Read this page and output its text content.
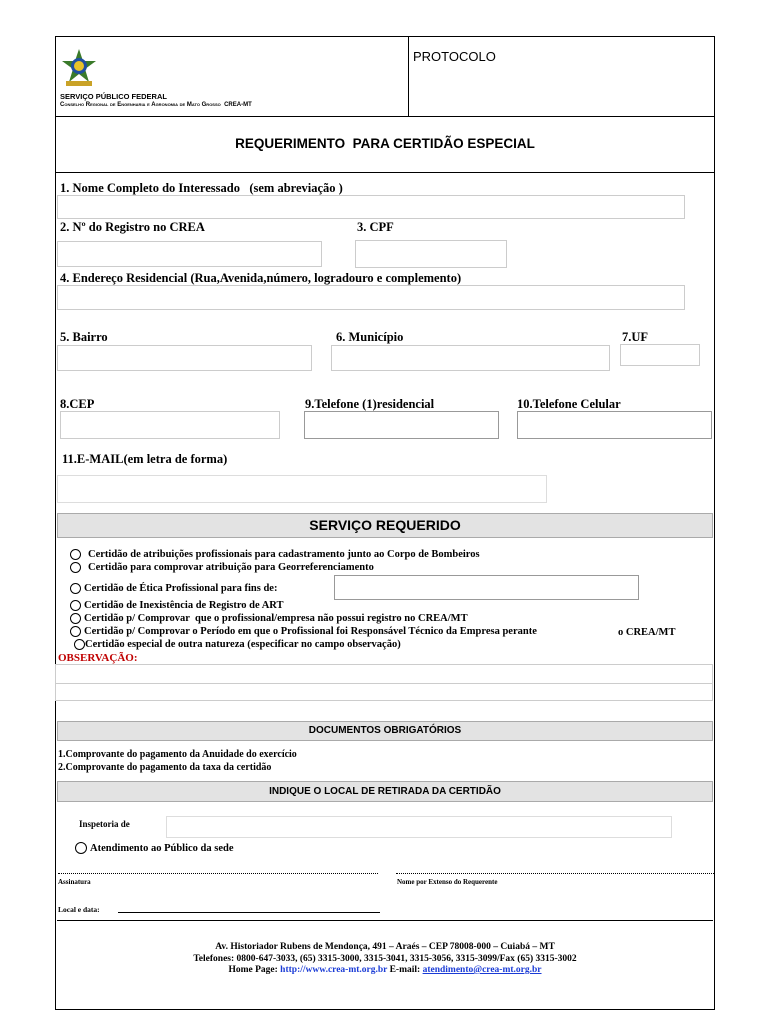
SERVIÇO PÚBLICO FEDERAL
Conselho Regional de Engenharia e Agronomia de Mato Grosso CREA-MT
PROTOCOLO
REQUERIMENTO  PARA CERTIDÃO ESPECIAL
1. Nome Completo do Interessado   (sem abreviação )
2. Nº do Registro no CREA	3. CPF
4. Endereço Residencial (Rua,Avenida,número, logradouro e complemento)
5. Bairro	6. Município	7.UF
8.CEP	9.Telefone (1)residencial	10.Telefone Celular
11.E-MAIL(em letra de forma)
SERVIÇO REQUERIDO
Certidão de atribuições profissionais para cadastramento junto ao Corpo de Bombeiros
Certidão para comprovar atribuição para Georreferenciamento
Certidão de Ética Profissional para fins de:
Certidão de Inexistência de Registro de ART
Certidão p/ Comprovar  que o profissional/empresa não possui registro no CREA/MT
Certidão p/ Comprovar o Período em que o Profissional foi Responsável Técnico da Empresa perante	o CREA/MT
Certidão especial de outra natureza (especificar no campo observação)
OBSERVAÇÃO:
DOCUMENTOS OBRIGATÓRIOS
1.Comprovante do pagamento da Anuidade do exercício
2.Comprovante do pagamento da taxa da certidão
INDIQUE O LOCAL DE RETIRADA DA CERTIDÃO
Inspetoria de
Atendimento ao Público da sede
Assinatura	Nome por Extenso do Requerente
Local e data:
Av. Historiador Rubens de Mendonça, 491 – Araés – CEP 78008-000 – Cuiabá – MT
Telefones: 0800-647-3033, (65) 3315-3000, 3315-3041, 3315-3056, 3315-3099/Fax (65) 3315-3002
Home Page: http://www.crea-mt.org.br E-mail: atendimento@crea-mt.org.br
